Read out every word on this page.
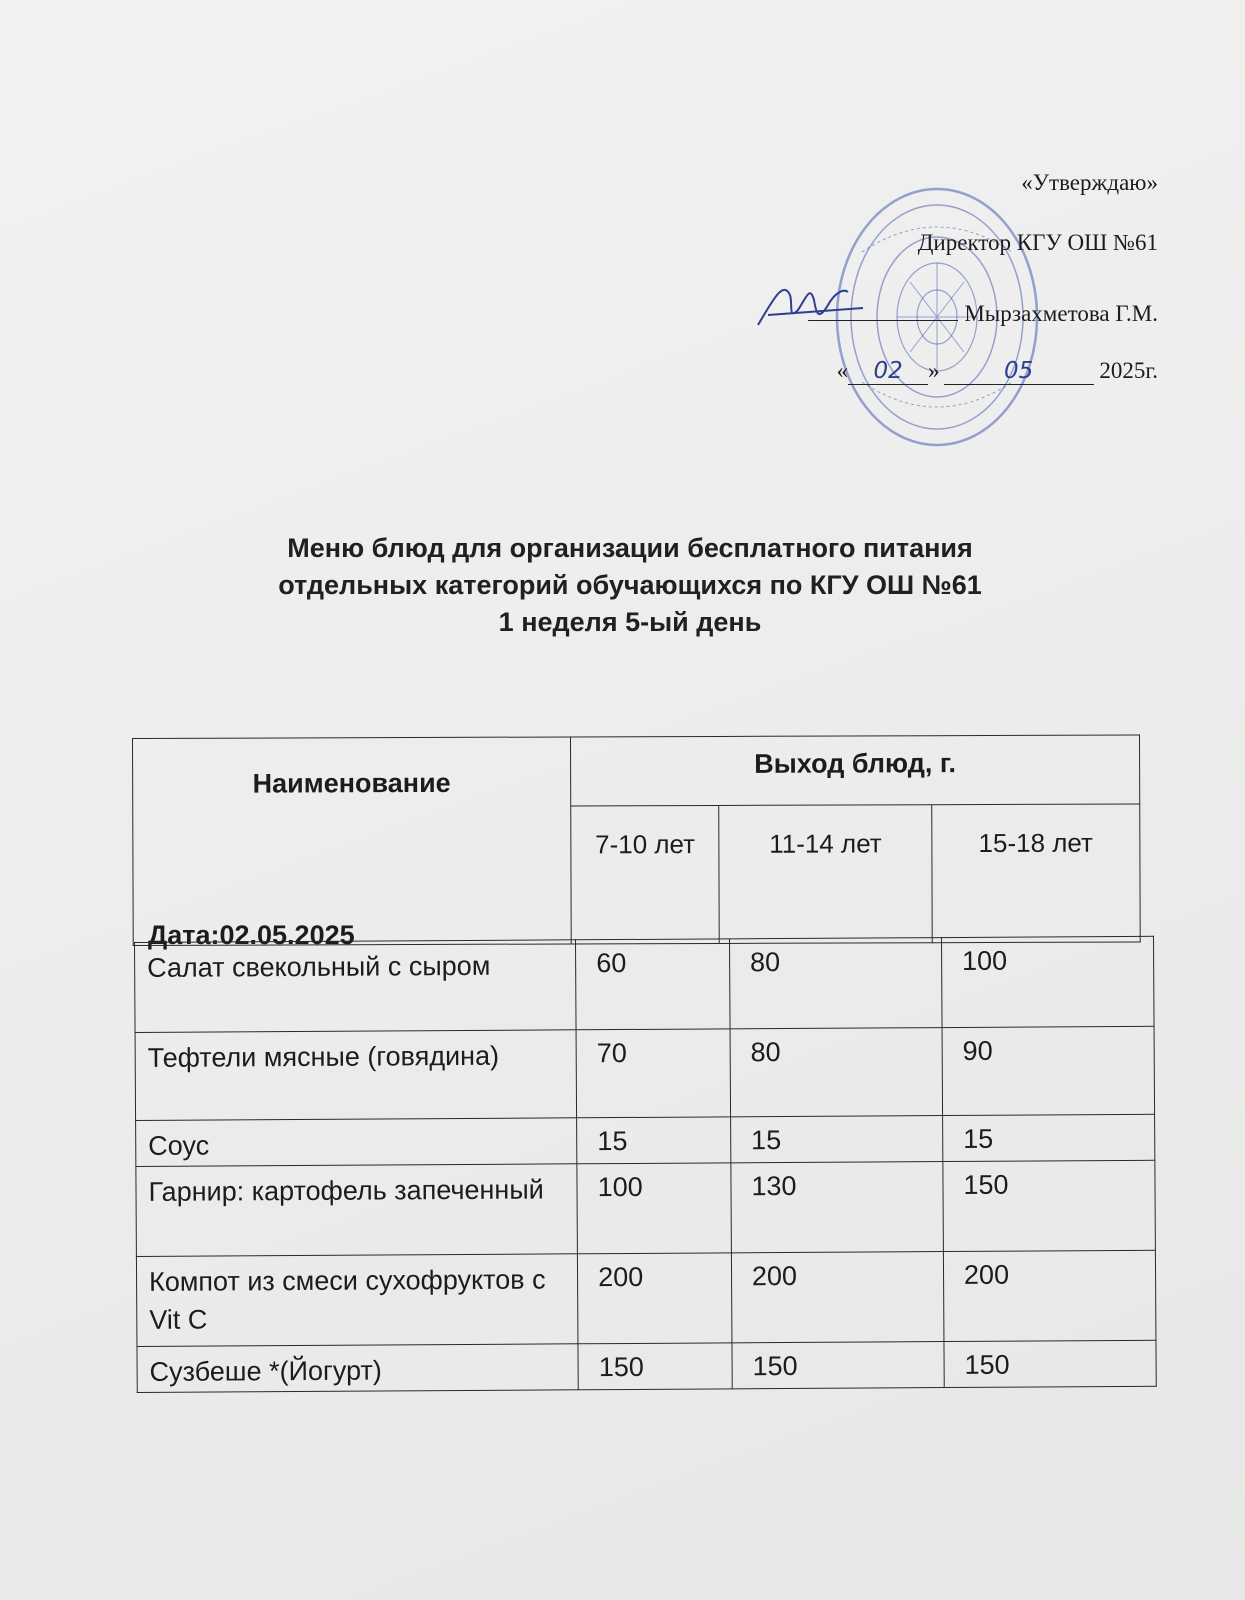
«Утверждаю»
Директор КГУ ОШ №61
Мырзахметова Г.М.
« 02 »	05	2025г.
Меню блюд для организации бесплатного питания
отдельных категорий обучающихся по КГУ ОШ №61
1 неделя 5-ый день
Наименование	Выход блюд, г.		
	7-10 лет	11-14 лет	15-18 лет
Дата:02.05.2025
Салат свекольный с сыром	60	80	100
Тефтели мясные (говядина)	70	80	90
Соус	15	15	15
Гарнир: картофель запеченный	100	130	150
Компот из смеси сухофруктов с Vit C	200	200	200
Сузбеше *(Йогурт)	150	150	150
